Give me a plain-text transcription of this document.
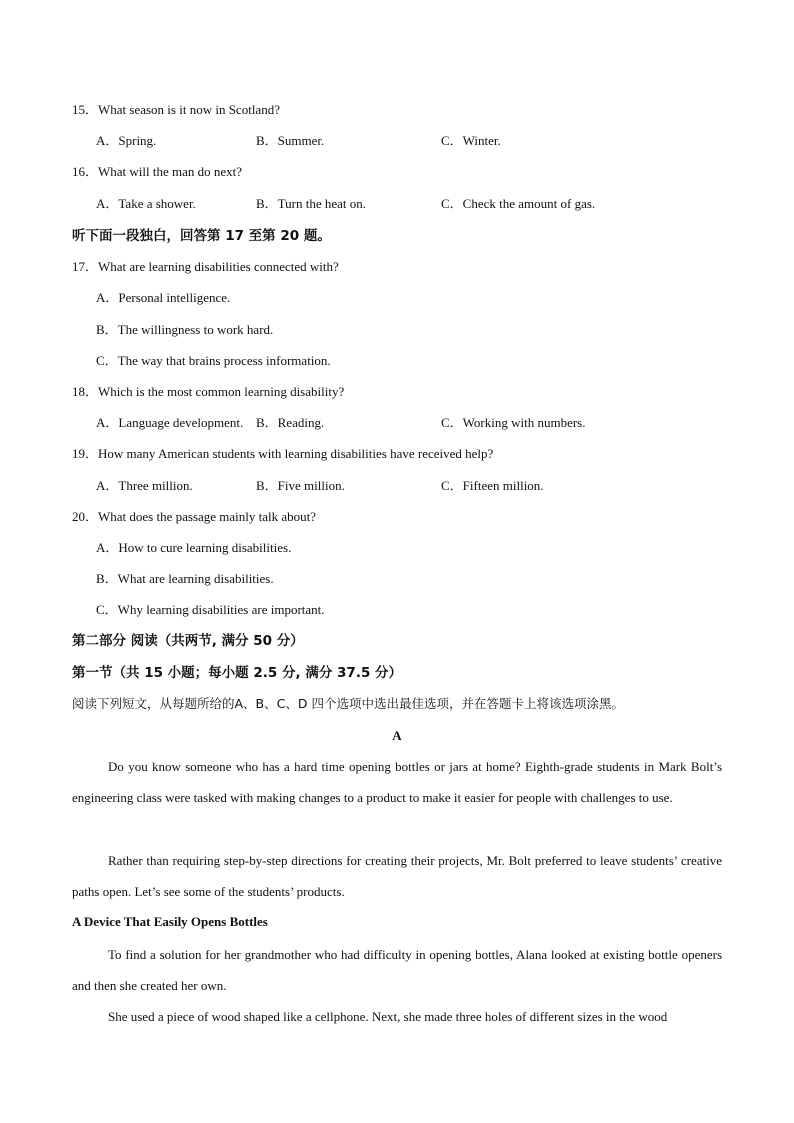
15．What season is it now in Scotland?
A．Spring.	B．Summer.	C．Winter.
16．What will the man do next?
A．Take a shower.	B．Turn the heat on.	C．Check the amount of gas.
听下面一段独白，回答第 17 至第 20 题。
17．What are learning disabilities connected with?
A．Personal intelligence.
B．The willingness to work hard.
C．The way that brains process information.
18．Which is the most common learning disability?
A．Language development. B．Reading.	C．Working with numbers.
19．How many American students with learning disabilities have received help?
A．Three million.	B．Five million.	C．Fifteen million.
20．What does the passage mainly talk about?
A．How to cure learning disabilities.
B．What are learning disabilities.
C．Why learning disabilities are important.
第二部分 阅读（共两节, 满分 50 分）
第一节（共 15 小题；每小题 2.5 分, 满分 37.5 分）
阅读下列短文，从每题所给的A、B、C、D 四个选项中选出最佳选项，并在答题卡上将该选项涂黑。
A
Do you know someone who has a hard time opening bottles or jars at home? Eighth-grade students in Mark Bolt’s engineering class were tasked with making changes to a product to make it easier for people with challenges to use.
Rather than requiring step-by-step directions for creating their projects, Mr. Bolt preferred to leave students’ creative paths open. Let’s see some of the students’ products.
A Device That Easily Opens Bottles
To find a solution for her grandmother who had difficulty in opening bottles, Alana looked at existing bottle openers and then she created her own.
She used a piece of wood shaped like a cellphone. Next, she made three holes of different sizes in the wood
